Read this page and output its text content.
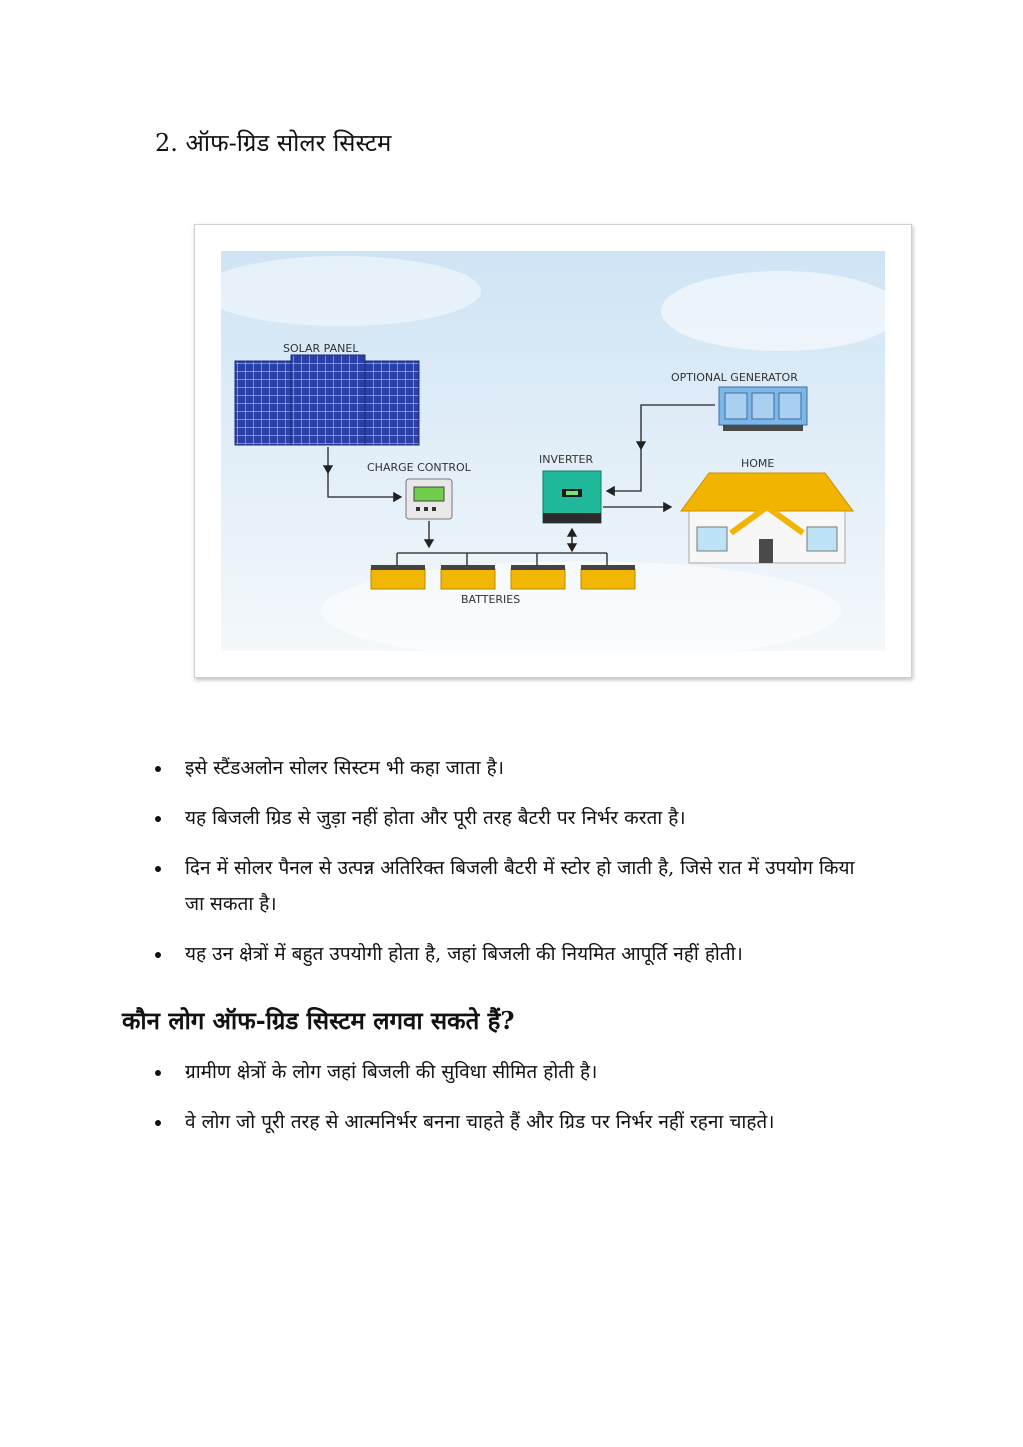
2. ऑफ-ग्रिड सोलर सिस्टम
SOLAR PANEL
OPTIONAL GENERATOR
CHARGE CONTROL
INVERTER	HOME
BATTERIES
इसे स्टैंडअलोन सोलर सिस्टम भी कहा जाता है।
यह बिजली ग्रिड से जुड़ा नहीं होता और पूरी तरह बैटरी पर निर्भर करता है।
दिन में सोलर पैनल से उत्पन्न अतिरिक्त बिजली बैटरी में स्टोर हो जाती है, जिसे रात में उपयोग किया जा सकता है।
यह उन क्षेत्रों में बहुत उपयोगी होता है, जहां बिजली की नियमित आपूर्ति नहीं होती।
कौन लोग ऑफ-ग्रिड सिस्टम लगवा सकते हैं?
ग्रामीण क्षेत्रों के लोग जहां बिजली की सुविधा सीमित होती है।
वे लोग जो पूरी तरह से आत्मनिर्भर बनना चाहते हैं और ग्रिड पर निर्भर नहीं रहना चाहते।
